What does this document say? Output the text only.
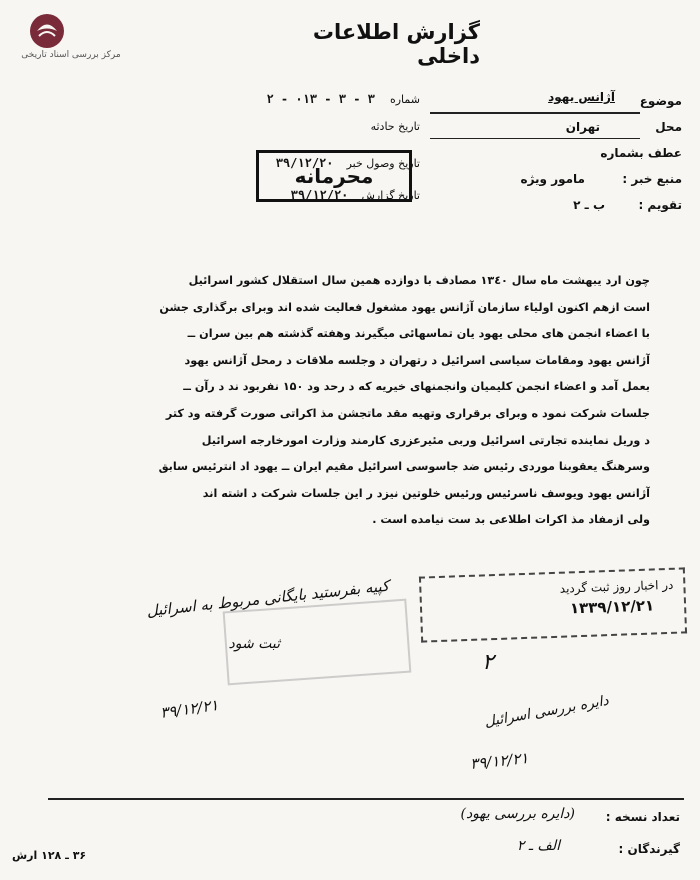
مرکز بررسی اسناد تاریخی
گزارش اطلاعات داخلی
شماره ۳ - ۳ - ۰۱۳ - ۲
تاریخ حادثه
تاریخ وصول خبر ۳۹/۱۲/۲۰
تاریخ گزارش ۳۹/۱۲/۲۰
موضوع
آژانس یهود
محل
تهران
عطف بشماره
منبع خبر :
مامور ویژه
تقویم :
ب ـ ۲
محرمانه
چون ارد یبهشت ماه سال ۱۳٤۰ مصادف با دوازده همین سال استقلال کشور اسرائیل
است ازهم اکنون اولیاء سازمان آژانس یهود مشغول فعالیت شده اند وبرای برگذاری جشن
با اعضاء انجمن های محلی یهود یان تماسهائی میگیرند وهفته گذشته هم بین سران ــ
آژانس یهود ومقامات سیاسی اسرائیل د رتهران د وجلسه ملاقات د رمحل آژانس یهود
بعمل آمد و اعضاء انجمن کلیمیان وانجمنهای خیریه که د رحد ود ۱۵۰ نفربود ند د رآن ــ
جلسات شرکت نمود ه وبرای برقراری وتهیه مقد ماتجشن مذ اکراتی صورت گرفته ود کتر
د وریل نماینده تجارتی اسرائیل وربی مئیرعزری کارمند وزارت امورخارجه اسرائیل
وسرهنگ یعقوبنا موردی رئیس ضد جاسوسی اسرائیل مقیم ایران ــ یهود اد انترئیس سابق
آژانس یهود ویوسف ناسرئیس ورئیس خلوتین نیزد ر این جلسات شرکت د اشته اند
ولی ازمفاد مذ اکرات اطلاعی بد ست نیامده است .
در اخبار روز ثبت گردید
۱۳۳۹/۱۲/۲۱
کپیه بفرستید بایگانی مربوط به اسرائیل
ثبت شود
۳۹/۱۲/۲۱
۲
دایره بررسی اسرائیل
۳۹/۱۲/۲۱
تعداد نسخه :
(دایره بررسی یهود)
گیرندگان :
الف ـ ۲
۳۶ ـ ۱۲۸ ارش
